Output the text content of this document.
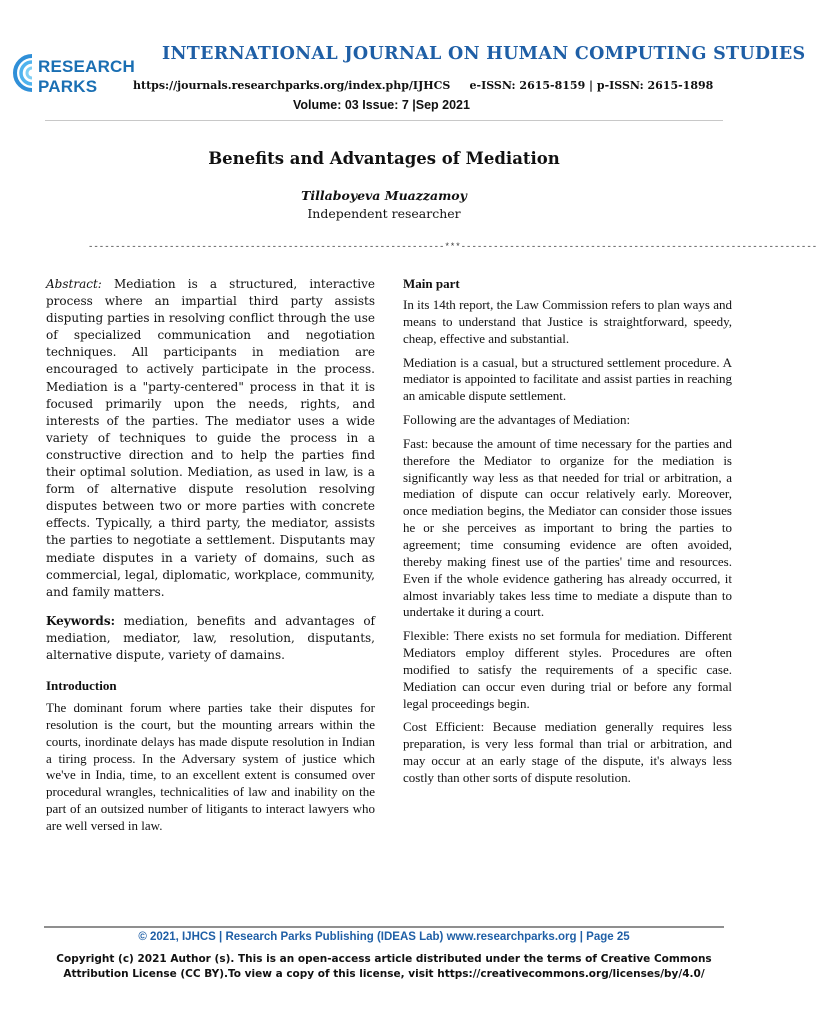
RESEARCH
PARKS
INTERNATIONAL JOURNAL ON HUMAN COMPUTING STUDIES
https://journals.researchparks.org/index.php/IJHCS     e-ISSN: 2615-8159 | p-ISSN: 2615-1898
Volume: 03 Issue: 7 |Sep 2021
Benefits and Advantages of Mediation
Tillaboyeva Muazzamoy
Independent researcher
------------------------------------------------------------------***------------------------------------------------------------------

Abstract: Mediation is a structured, interactive process where an impartial third party assists disputing parties in resolving conflict through the use of specialized communication and negotiation techniques. All participants in mediation are encouraged to actively participate in the process. Mediation is a "party-centered" process in that it is focused primarily upon the needs, rights, and interests of the parties. The mediator uses a wide variety of techniques to guide the process in a constructive direction and to help the parties find their optimal solution. Mediation, as used in law, is a form of alternative dispute resolution resolving disputes between two or more parties with concrete effects. Typically, a third party, the mediator, assists the parties to negotiate a settlement. Disputants may mediate disputes in a variety of domains, such as commercial, legal, diplomatic, workplace, community, and family matters.

Keywords: mediation, benefits and advantages of mediation, mediator, law, resolution, disputants, alternative dispute, variety of damains.

Introduction

The dominant forum where parties take their disputes for resolution is the court, but the mounting arrears within the courts, inordinate delays has made dispute resolution in Indian a tiring process. In the Adversary system of justice which we've in India, time, to an excellent extent is consumed over procedural wrangles, technicalities of law and inability on the part of an outsized number of litigants to interact lawyers who are well versed in law.

Main part

In its 14th report, the Law Commission refers to plan ways and means to understand that Justice is straightforward, speedy, cheap, effective and substantial.

Mediation is a casual, but a structured settlement procedure. A mediator is appointed to facilitate and assist parties in reaching an amicable dispute settlement.

Following are the advantages of Mediation:

Fast: because the amount of time necessary for the parties and therefore the Mediator to organize for the mediation is significantly way less as that needed for trial or arbitration, a mediation of dispute can occur relatively early. Moreover, once mediation begins, the Mediator can consider those issues he or she perceives as important to bring the parties to agreement; time consuming evidence are often avoided, thereby making finest use of the parties' time and resources. Even if the whole evidence gathering has already occurred, it almost invariably takes less time to mediate a dispute than to undertake it during a court.

Flexible: There exists no set formula for mediation. Different Mediators employ different styles. Procedures are often modified to satisfy the requirements of a specific case. Mediation can occur even during trial or before any formal legal proceedings begin.

Cost Efficient: Because mediation generally requires less preparation, is very less formal than trial or arbitration, and may occur at an early stage of the dispute, it's always less costly than other sorts of dispute resolution.

© 2021, IJHCS | Research Parks Publishing (IDEAS Lab) www.researchparks.org | Page 25
Copyright (c) 2021 Author (s). This is an open-access article distributed under the terms of Creative Commons Attribution License (CC BY).To view a copy of this license, visit https://creativecommons.org/licenses/by/4.0/
